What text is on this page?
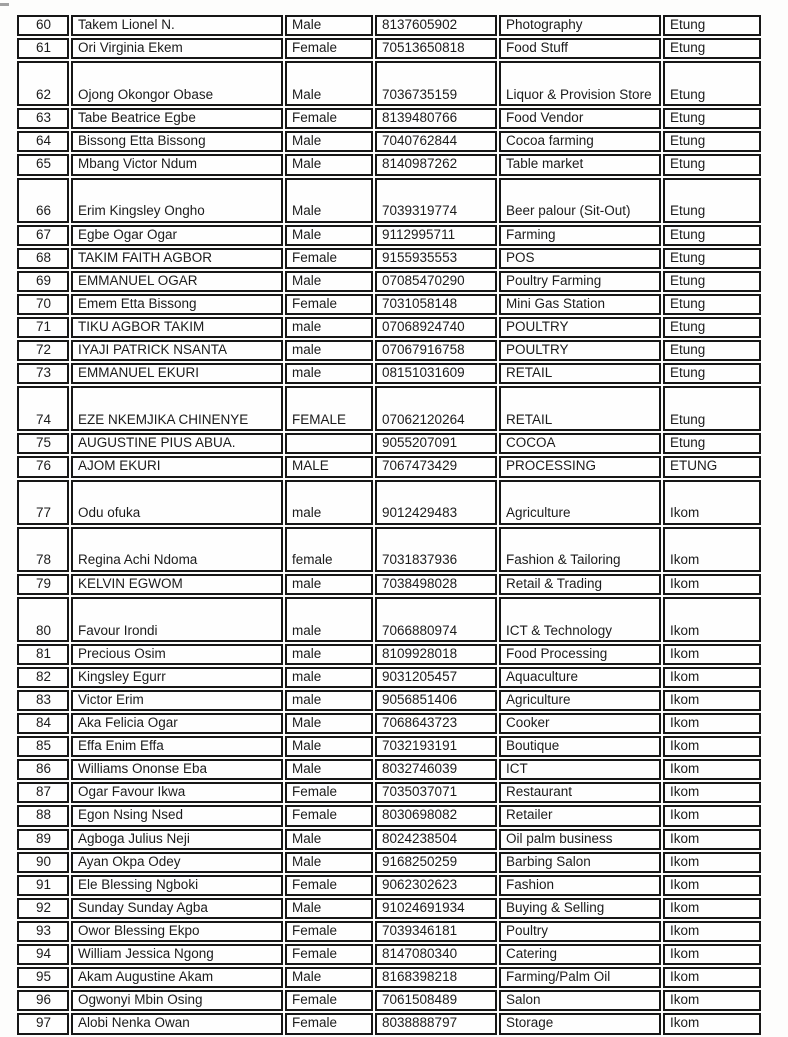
60	Takem Lionel N.	Male	8137605902	Photography	Etung
61	Ori Virginia Ekem	Female	70513650818	Food Stuff	Etung
62	Ojong Okongor Obase	Male	7036735159	Liquor & Provision Store	Etung
63	Tabe Beatrice Egbe	Female	8139480766	Food Vendor	Etung
64	Bissong Etta Bissong	Male	7040762844	Cocoa farming	Etung
65	Mbang Victor Ndum	Male	8140987262	Table market	Etung
66	Erim Kingsley Ongho	Male	7039319774	Beer palour (Sit-Out)	Etung
67	Egbe Ogar Ogar	Male	9112995711	Farming	Etung
68	TAKIM FAITH AGBOR	Female	9155935553	POS	Etung
69	EMMANUEL OGAR	Male	07085470290	Poultry Farming	Etung
70	Emem Etta Bissong	Female	7031058148	Mini Gas Station	Etung
71	TIKU AGBOR TAKIM	male	07068924740	POULTRY	Etung
72	IYAJI PATRICK NSANTA	male	07067916758	POULTRY	Etung
73	EMMANUEL EKURI	male	08151031609	RETAIL	Etung
74	EZE NKEMJIKA CHINENYE	FEMALE	07062120264	RETAIL	Etung
75	AUGUSTINE PIUS ABUA.		9055207091	COCOA	Etung
76	AJOM EKURI	MALE	7067473429	PROCESSING	ETUNG
77	Odu ofuka	male	9012429483	Agriculture	Ikom
78	Regina Achi Ndoma	female	7031837936	Fashion & Tailoring	Ikom
79	KELVIN EGWOM	male	7038498028	Retail & Trading	Ikom
80	Favour Irondi	male	7066880974	ICT & Technology	Ikom
81	Precious Osim	male	8109928018	Food Processing	Ikom
82	Kingsley Egurr	male	9031205457	Aquaculture	Ikom
83	Victor Erim	male	9056851406	Agriculture	Ikom
84	Aka Felicia Ogar	Male	7068643723	Cooker	Ikom
85	Effa Enim Effa	Male	7032193191	Boutique	Ikom
86	Williams Ononse Eba	Male	8032746039	ICT	Ikom
87	Ogar Favour Ikwa	Female	7035037071	Restaurant	Ikom
88	Egon Nsing Nsed	Female	8030698082	Retailer	Ikom
89	Agboga Julius Neji	Male	8024238504	Oil palm business	Ikom
90	Ayan Okpa Odey	Male	9168250259	Barbing Salon	Ikom
91	Ele Blessing Ngboki	Female	9062302623	Fashion	Ikom
92	Sunday Sunday Agba	Male	91024691934	Buying & Selling	Ikom
93	Owor Blessing Ekpo	Female	7039346181	Poultry	Ikom
94	William Jessica Ngong	Female	8147080340	Catering	Ikom
95	Akam Augustine Akam	Male	8168398218	Farming/Palm Oil	Ikom
96	Ogwonyi Mbin Osing	Female	7061508489	Salon	Ikom
97	Alobi Nenka Owan	Female	8038888797	Storage	Ikom
